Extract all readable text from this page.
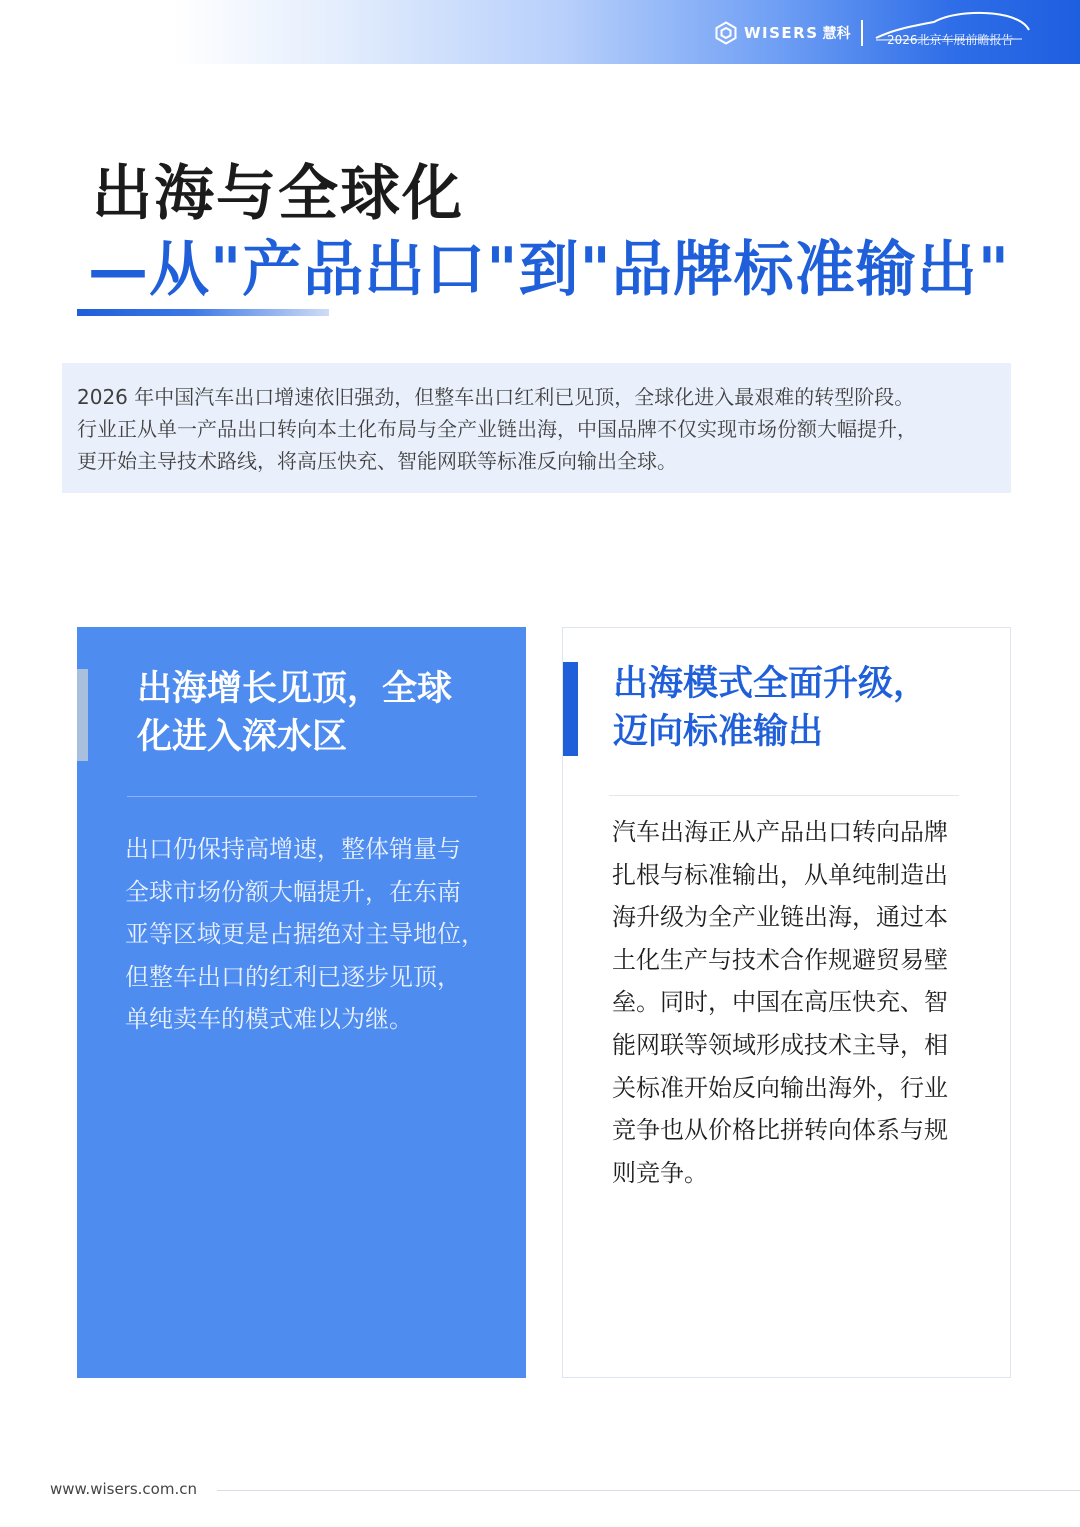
WISERS 慧科	2026北京车展前瞻报告
出海与全球化
—从"产品出口"到"品牌标准输出"

2026 年中国汽车出口增速依旧强劲，但整车出口红利已见顶，全球化进入最艰难的转型阶段。

行业正从单一产品出口转向本土化布局与全产业链出海，中国品牌不仅实现市场份额大幅提升，

更开始主导技术路线，将高压快充、智能网联等标准反向输出全球。

出海增长见顶，全球化进入深水区

出口仍保持高增速，整体销量与
全球市场份额大幅提升，在东南
亚等区域更是占据绝对主导地位，
但整车出口的红利已逐步见顶，
单纯卖车的模式难以为继。

出海模式全面升级，迈向标准输出

汽车出海正从产品出口转向品牌
扎根与标准输出，从单纯制造出
海升级为全产业链出海，通过本
土化生产与技术合作规避贸易壁
垒。同时，中国在高压快充、智
能网联等领域形成技术主导，相
关标准开始反向输出海外，行业
竞争也从价格比拼转向体系与规
则竞争。

www.wisers.com.cn
